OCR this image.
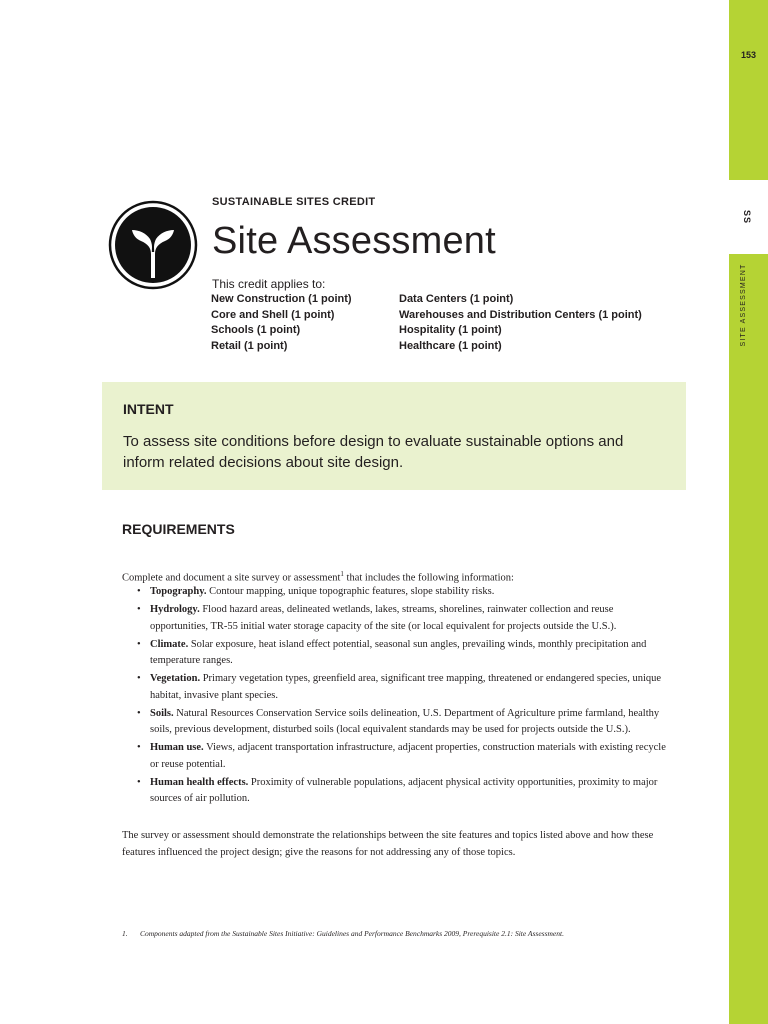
153
SS
SITE ASSESSMENT
SUSTAINABLE SITES CREDIT
Site Assessment
This credit applies to:
New Construction (1 point)
Core and Shell (1 point)
Schools (1 point)
Retail (1 point)
Data Centers (1 point)
Warehouses and Distribution Centers (1 point)
Hospitality (1 point)
Healthcare (1 point)
INTENT
To assess site conditions before design to evaluate sustainable options and inform related decisions about site design.
REQUIREMENTS
Complete and document a site survey or assessment$^1$ that includes the following information:
• Topography. Contour mapping, unique topographic features, slope stability risks.
• Hydrology. Flood hazard areas, delineated wetlands, lakes, streams, shorelines, rainwater collection and reuse opportunities, TR-55 initial water storage capacity of the site (or local equivalent for projects outside the U.S.).
• Climate. Solar exposure, heat island effect potential, seasonal sun angles, prevailing winds, monthly precipitation and temperature ranges.
• Vegetation. Primary vegetation types, greenfield area, significant tree mapping, threatened or endangered species, unique habitat, invasive plant species.
• Soils. Natural Resources Conservation Service soils delineation, U.S. Department of Agriculture prime farmland, healthy soils, previous development, disturbed soils (local equivalent standards may be used for projects outside the U.S.).
• Human use. Views, adjacent transportation infrastructure, adjacent properties, construction materials with existing recycle or reuse potential.
• Human health effects. Proximity of vulnerable populations, adjacent physical activity opportunities, proximity to major sources of air pollution.
The survey or assessment should demonstrate the relationships between the site features and topics listed above and how these features influenced the project design; give the reasons for not addressing any of those topics.
1. Components adapted from the Sustainable Sites Initiative: Guidelines and Performance Benchmarks 2009, Prerequisite 2.1: Site Assessment.
